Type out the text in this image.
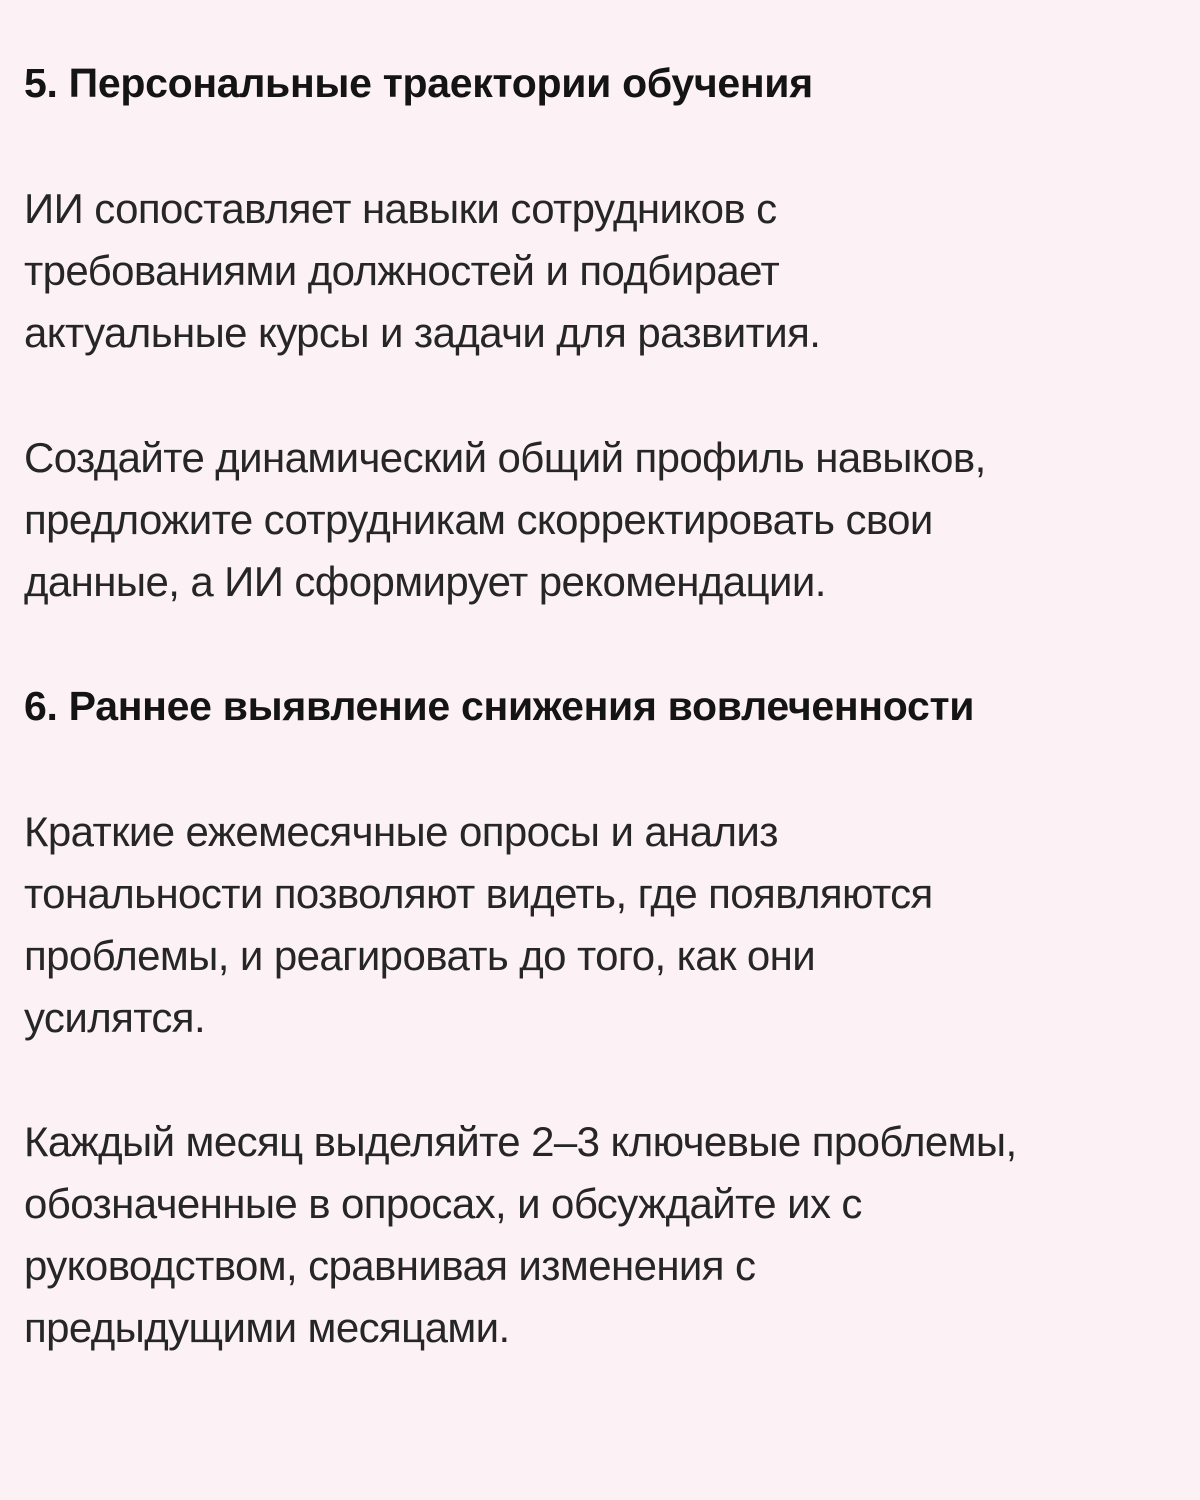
5. Персональные траектории обучения

ИИ сопоставляет навыки сотрудников с
требованиями должностей и подбирает
актуальные курсы и задачи для развития.

Создайте динамический общий профиль навыков,
предложите сотрудникам скорректировать свои
данные, а ИИ сформирует рекомендации.

6. Раннее выявление снижения вовлеченности

Краткие ежемесячные опросы и анализ
тональности позволяют видеть, где появляются
проблемы, и реагировать до того, как они
усилятся.

Каждый месяц выделяйте 2–3 ключевые проблемы,
обозначенные в опросах, и обсуждайте их с
руководством, сравнивая изменения с
предыдущими месяцами.
